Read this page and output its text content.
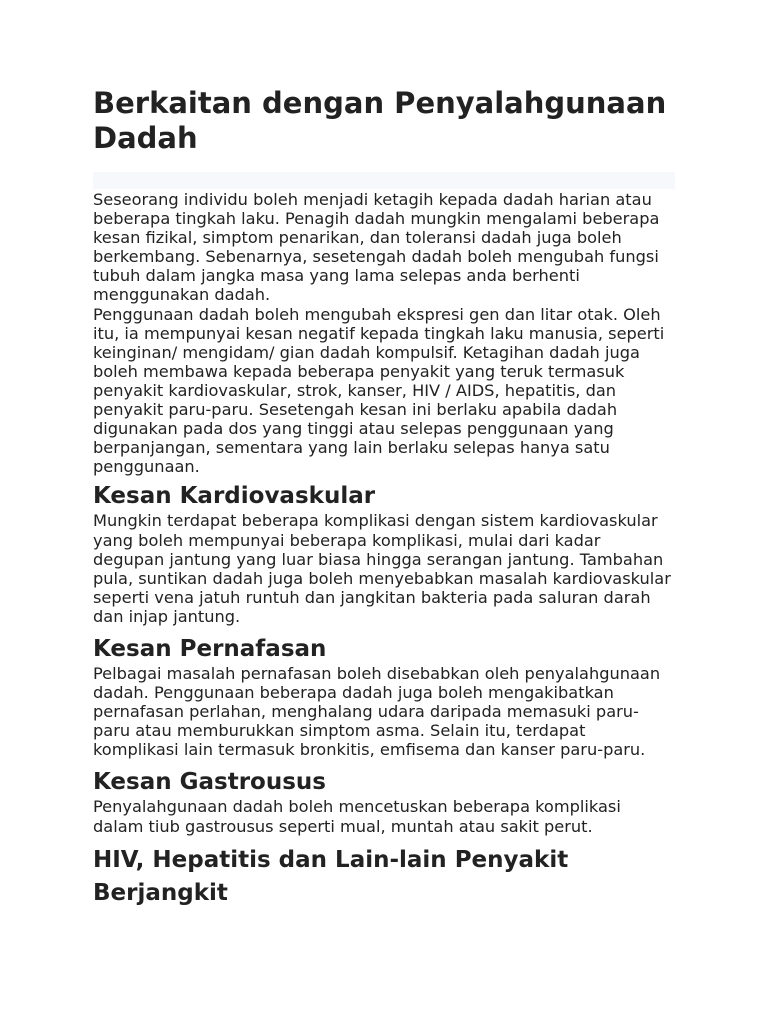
Berkaitan dengan Penyalahgunaan Dadah

Seseorang individu boleh menjadi ketagih kepada dadah harian atau beberapa tingkah laku. Penagih dadah mungkin mengalami beberapa kesan fizikal, simptom penarikan, dan toleransi dadah juga boleh berkembang. Sebenarnya, sesetengah dadah boleh mengubah fungsi tubuh dalam jangka masa yang lama selepas anda berhenti menggunakan dadah.

Penggunaan dadah boleh mengubah ekspresi gen dan litar otak. Oleh itu, ia mempunyai kesan negatif kepada tingkah laku manusia, seperti keinginan/ mengidam/ gian dadah kompulsif. Ketagihan dadah juga boleh membawa kepada beberapa penyakit yang teruk termasuk penyakit kardiovaskular, strok, kanser, HIV / AIDS, hepatitis, dan penyakit paru-paru. Sesetengah kesan ini berlaku apabila dadah digunakan pada dos yang tinggi atau selepas penggunaan yang berpanjangan, sementara yang lain berlaku selepas hanya satu penggunaan.

Kesan Kardiovaskular

Mungkin terdapat beberapa komplikasi dengan sistem kardiovaskular yang boleh mempunyai beberapa komplikasi, mulai dari kadar degupan jantung yang luar biasa hingga serangan jantung. Tambahan pula, suntikan dadah juga boleh menyebabkan masalah kardiovaskular seperti vena jatuh runtuh dan jangkitan bakteria pada saluran darah dan injap jantung.

Kesan Pernafasan

Pelbagai masalah pernafasan boleh disebabkan oleh penyalahgunaan dadah. Penggunaan beberapa dadah juga boleh mengakibatkan pernafasan perlahan, menghalang udara daripada memasuki paru-paru atau memburukkan simptom asma. Selain itu, terdapat komplikasi lain termasuk bronkitis, emfisema dan kanser paru-paru.

Kesan Gastrousus

Penyalahgunaan dadah boleh mencetuskan beberapa komplikasi dalam tiub gastrousus seperti mual, muntah atau sakit perut.

HIV, Hepatitis dan Lain-lain Penyakit Berjangkit
